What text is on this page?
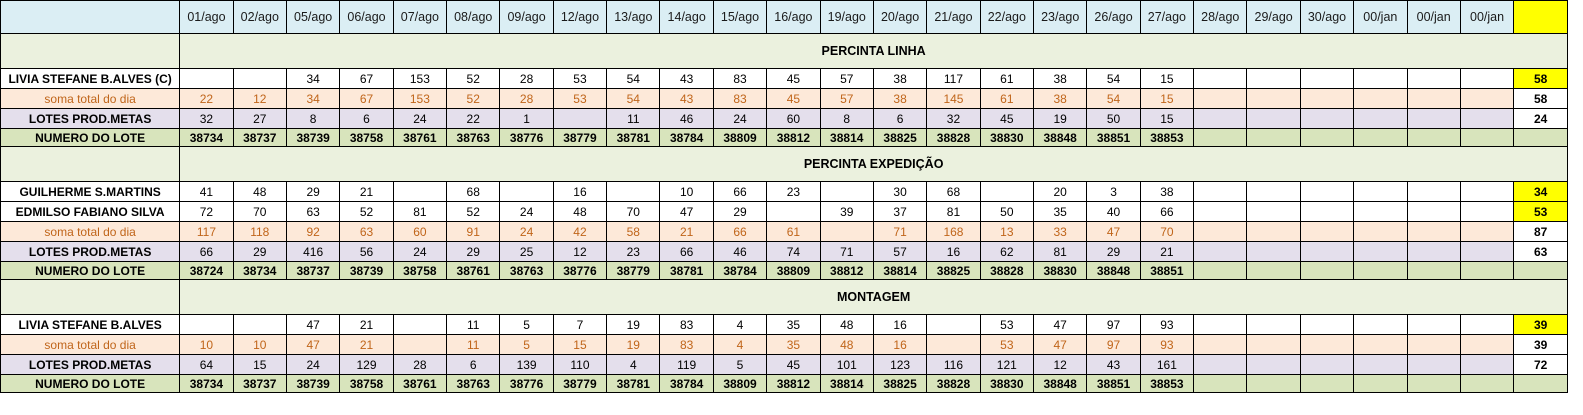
	01/ago	02/ago	05/ago	06/ago	07/ago	08/ago	09/ago	12/ago	13/ago	14/ago	15/ago	16/ago	19/ago	20/ago	21/ago	22/ago	23/ago	26/ago	27/ago	28/ago	29/ago	30/ago	00/jan	00/jan	00/jan	
	PERCINTA LINHA																									
LIVIA STEFANE B.ALVES (C)			34	67	153	52	28	53	54	43	83	45	57	38	117	61	38	54	15							58
soma total do dia	22	12	34	67	153	52	28	53	54	43	83	45	57	38	145	61	38	54	15							58
LOTES PROD.METAS	32	27	8	6	24	22	1		11	46	24	60	8	6	32	45	19	50	15							24
NUMERO DO LOTE	38734	38737	38739	38758	38761	38763	38776	38779	38781	38784	38809	38812	38814	38825	38828	38830	38848	38851	38853							
	PERCINTA EXPEDIÇÃO																									
GUILHERME S.MARTINS	41	48	29	21		68		16		10	66	23		30	68		20	3	38							34
EDMILSO FABIANO SILVA	72	70	63	52	81	52	24	48	70	47	29		39	37	81	50	35	40	66							53
soma total do dia	117	118	92	63	60	91	24	42	58	21	66	61		71	168	13	33	47	70							87
LOTES PROD.METAS	66	29	416	56	24	29	25	12	23	66	46	74	71	57	16	62	81	29	21							63
NUMERO DO LOTE	38724	38734	38737	38739	38758	38761	38763	38776	38779	38781	38784	38809	38812	38814	38825	38828	38830	38848	38851							
	MONTAGEM																									
LIVIA STEFANE B.ALVES			47	21		11	5	7	19	83	4	35	48	16		53	47	97	93							39
soma total do dia	10	10	47	21		11	5	15	19	83	4	35	48	16		53	47	97	93							39
LOTES PROD.METAS	64	15	24	129	28	6	139	110	4	119	5	45	101	123	116	121	12	43	161							72
NUMERO DO LOTE	38734	38737	38739	38758	38761	38763	38776	38779	38781	38784	38809	38812	38814	38825	38828	38830	38848	38851	38853							
